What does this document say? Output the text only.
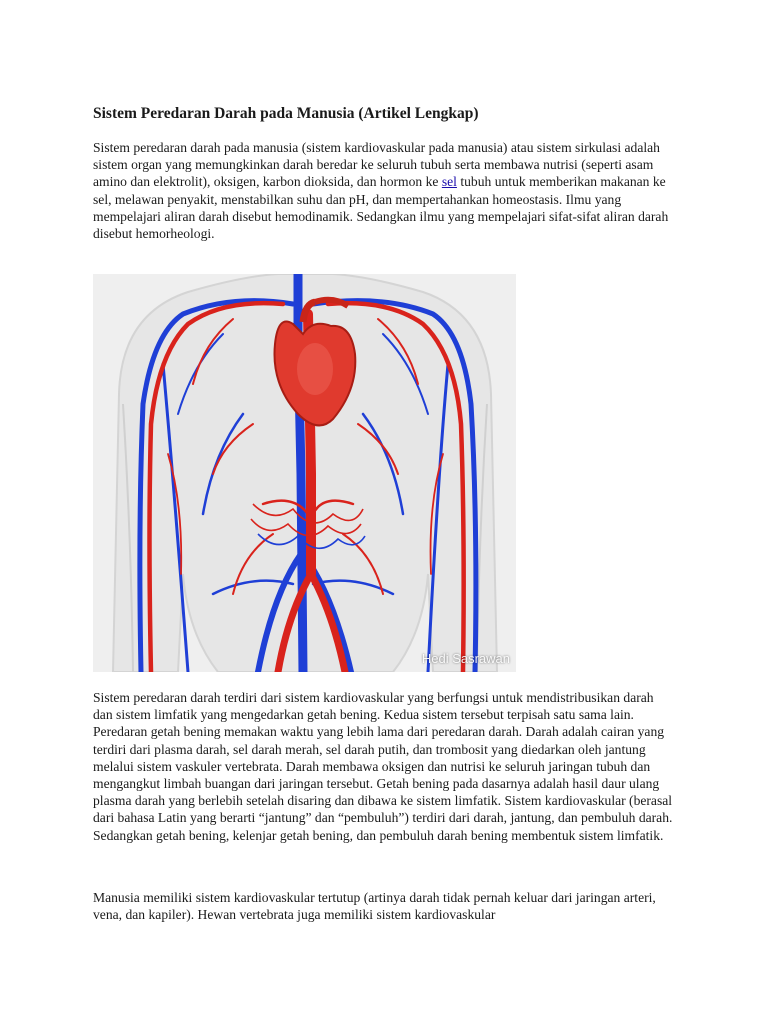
Sistem Peredaran Darah pada Manusia (Artikel Lengkap)

Sistem peredaran darah pada manusia (sistem kardiovaskular pada manusia) atau sistem sirkulasi adalah sistem organ yang memungkinkan darah beredar ke seluruh tubuh serta membawa nutrisi (seperti asam amino dan elektrolit), oksigen, karbon dioksida, dan hormon ke sel tubuh untuk memberikan makanan ke sel, melawan penyakit, menstabilkan suhu dan pH, dan mempertahankan homeostasis. Ilmu yang mempelajari aliran darah disebut hemodinamik. Sedangkan ilmu yang mempelajari sifat-sifat aliran darah disebut hemorheologi.

Hedi Sasrawan

Sistem peredaran darah terdiri dari sistem kardiovaskular yang berfungsi untuk mendistribusikan darah dan sistem limfatik yang mengedarkan getah bening. Kedua sistem tersebut terpisah satu sama lain. Peredaran getah bening memakan waktu yang lebih lama dari peredaran darah. Darah adalah cairan yang terdiri dari plasma darah, sel darah merah, sel darah putih, dan trombosit yang diedarkan oleh jantung melalui sistem vaskuler vertebrata. Darah membawa oksigen dan nutrisi ke seluruh jaringan tubuh dan mengangkut limbah buangan dari jaringan tersebut. Getah bening pada dasarnya adalah hasil daur ulang plasma darah yang berlebih setelah disaring dan dibawa ke sistem limfatik. Sistem kardiovaskular (berasal dari bahasa Latin yang berarti “jantung” dan “pembuluh”) terdiri dari darah, jantung, dan pembuluh darah. Sedangkan getah bening, kelenjar getah bening, dan pembuluh darah bening membentuk sistem limfatik.

Manusia memiliki sistem kardiovaskular tertutup (artinya darah tidak pernah keluar dari jaringan arteri, vena, dan kapiler). Hewan vertebrata juga memiliki sistem kardiovaskular
